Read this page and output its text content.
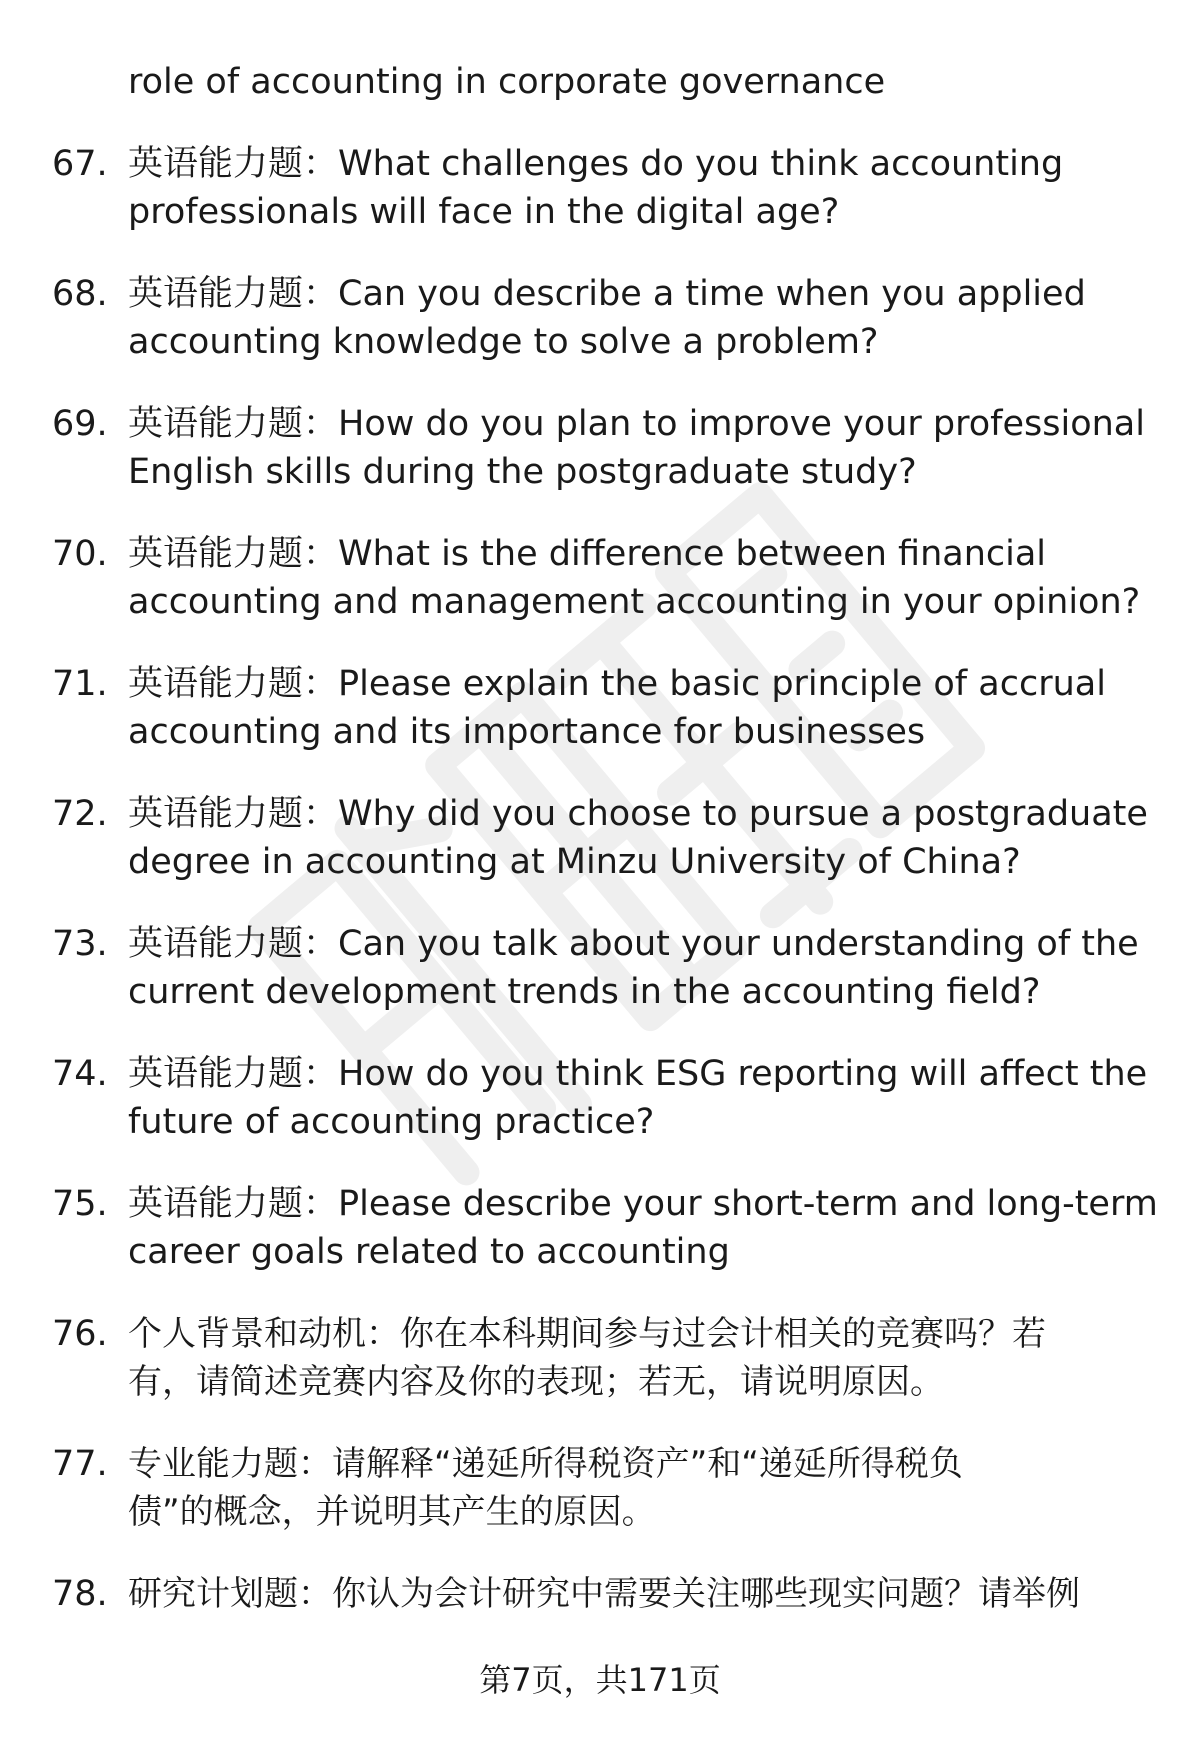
role of accounting in corporate governance
67. 英语能力题：What challenges do you think accounting
professionals will face in the digital age?
68. 英语能力题：Can you describe a time when you applied
accounting knowledge to solve a problem?
69. 英语能力题：How do you plan to improve your professional
English skills during the postgraduate study?
70. 英语能力题：What is the difference between financial
accounting and management accounting in your opinion?
71. 英语能力题：Please explain the basic principle of accrual
accounting and its importance for businesses
72. 英语能力题：Why did you choose to pursue a postgraduate
degree in accounting at Minzu University of China?
73. 英语能力题：Can you talk about your understanding of the
current development trends in the accounting field?
74. 英语能力题：How do you think ESG reporting will affect the
future of accounting practice?
75. 英语能力题：Please describe your short-term and long-term
career goals related to accounting
76. 个人背景和动机：你在本科期间参与过会计相关的竞赛吗？若
有，请简述竞赛内容及你的表现；若无，请说明原因。
77. 专业能力题：请解释“递延所得税资产”和“递延所得税负
债”的概念，并说明其产生的原因。
78. 研究计划题：你认为会计研究中需要关注哪些现实问题？请举例
第7页，共171页
